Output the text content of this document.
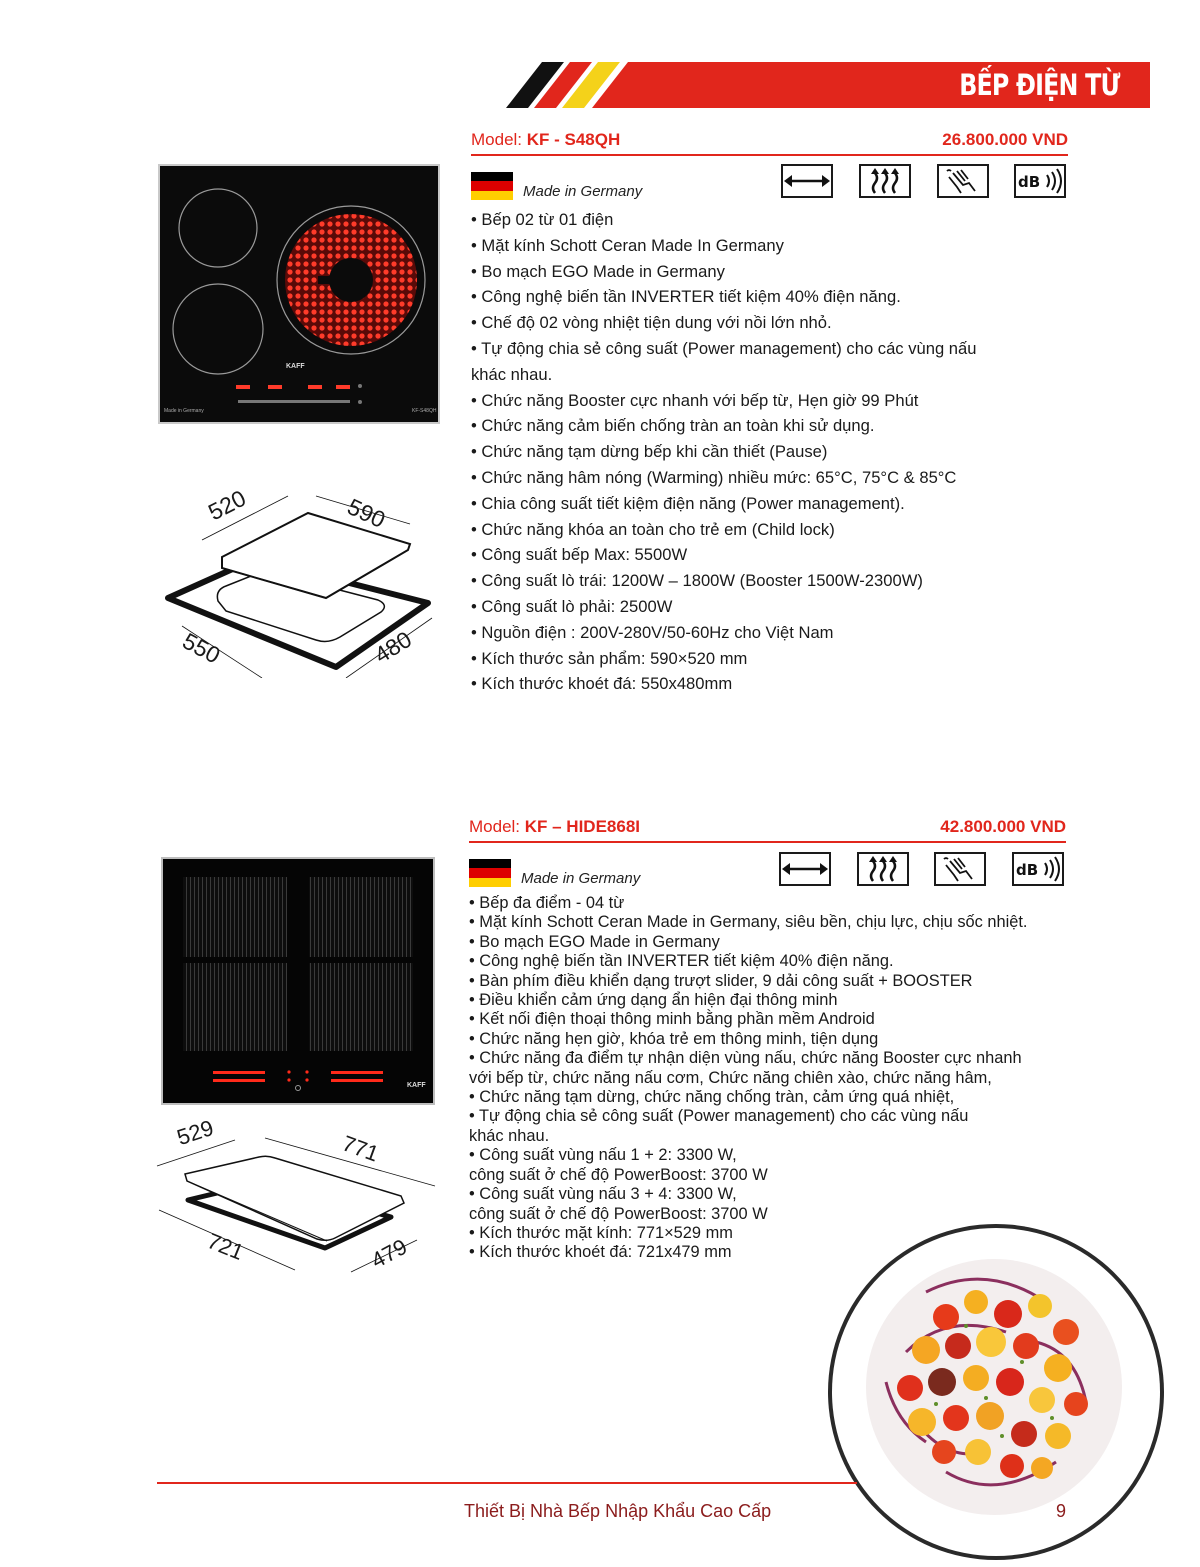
BẾP ĐIỆN TỪ
Model: KF - S48QH	26.800.000 VND
Made in Germany
dB
• Bếp 02 từ 01 điện
• Mặt kính Schott Ceran Made In Germany
• Bo mạch EGO Made in Germany
• Công nghệ biến tần INVERTER tiết kiệm 40% điện năng.
• Chế độ 02 vòng nhiệt tiện dung với nồi lớn nhỏ.
• Tự động chia sẻ công suất (Power management) cho các vùng nấu
khác nhau.
• Chức năng Booster cực nhanh với bếp từ, Hẹn giờ 99 Phút
• Chức năng cảm biến chống tràn an toàn khi sử dụng.
• Chức năng tạm dừng bếp khi cần thiết (Pause)
• Chức năng hâm nóng (Warming) nhiều mức: 65°C, 75°C & 85°C
• Chia công suất tiết kiệm điện năng (Power management).
• Chức năng khóa an toàn cho trẻ em (Child lock)
• Công suất bếp Max: 5500W
• Công suất lò trái: 1200W – 1800W (Booster 1500W-2300W)
• Công suất lò phải: 2500W
• Nguồn điện : 200V-280V/50-60Hz cho Việt Nam
• Kích thước sản phẩm: 590×520 mm
• Kích thước khoét đá: 550x480mm
KAFF
Made in Germany	KF-S48QH
520	590
550	480
Model: KF – HIDE868I	42.800.000 VND
Made in Germany	dB
• Bếp đa điểm - 04 từ
• Mặt kính Schott Ceran Made in Germany, siêu bền, chịu lực, chịu sốc nhiệt.
• Bo mạch EGO Made in Germany
• Công nghệ biến tần INVERTER tiết kiệm 40% điện năng.
• Bàn phím điều khiển dạng trượt slider, 9 dải công suất + BOOSTER
• Điều khiển cảm ứng dạng ẩn hiện đại thông minh
• Kết nối điện thoại thông minh bằng phần mềm Android
• Chức năng hẹn giờ, khóa trẻ em thông minh, tiện dụng
• Chức năng đa điểm tự nhận diện vùng nấu, chức năng Booster cực nhanh
với bếp từ, chức năng nấu cơm, Chức năng chiên xào, chức năng hâm,
• Chức năng tạm dừng, chức năng chống tràn, cảm ứng quá nhiệt,
• Tự động chia sẻ công suất (Power management) cho các vùng nấu
khác nhau.
• Công suất vùng nấu 1 + 2: 3300 W,
công suất ở chế độ PowerBoost: 3700 W
• Công suất vùng nấu 3 + 4: 3300 W,
công suất ở chế độ PowerBoost: 3700 W
• Kích thước mặt kính: 771×529 mm
• Kích thước khoét đá: 721x479 mm
KAFF
529	771
721	479
Thiết Bị Nhà Bếp Nhập Khẩu Cao Cấp	9
